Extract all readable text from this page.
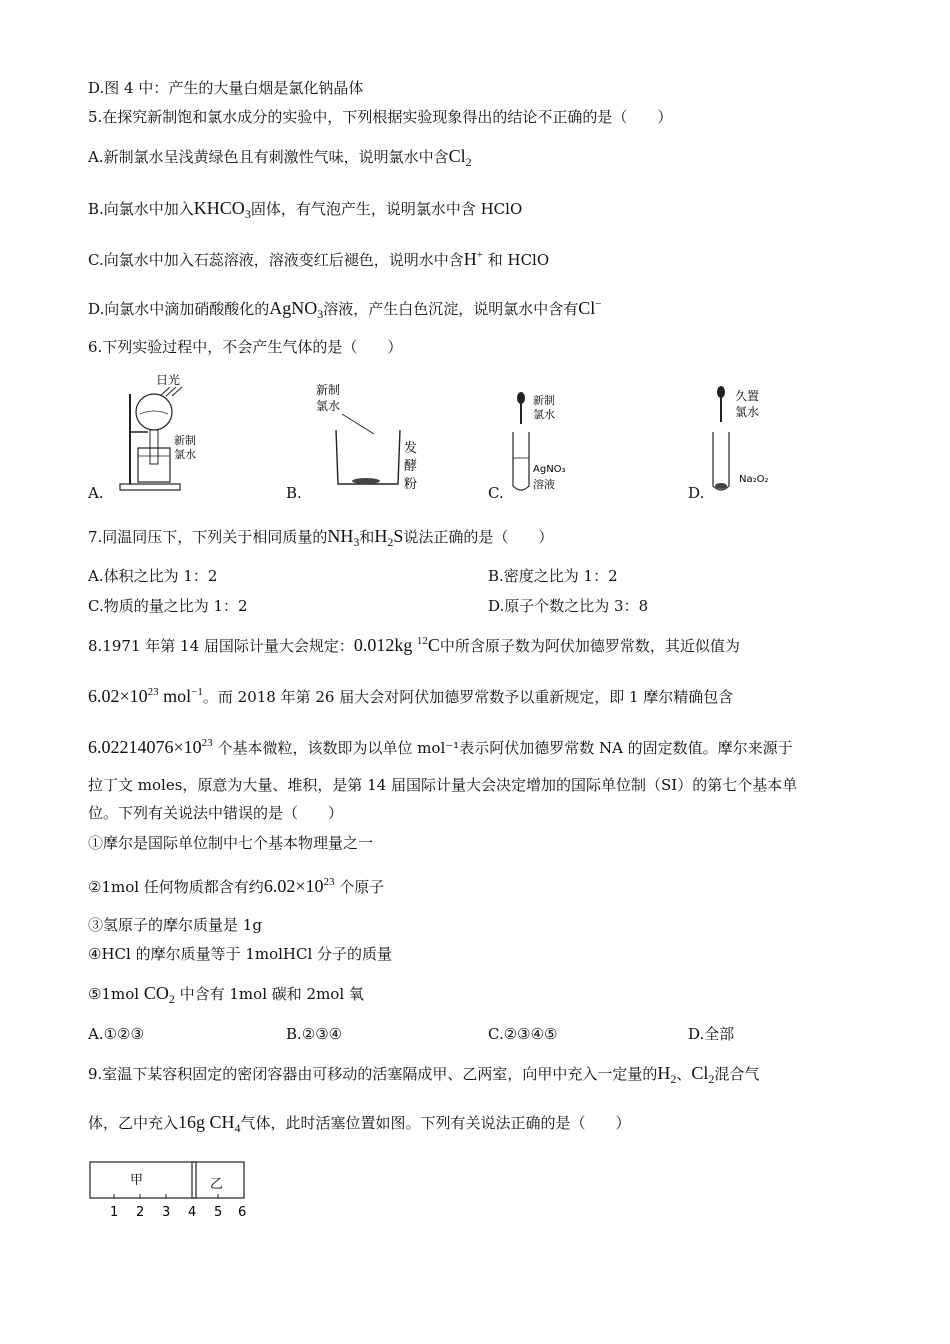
D.图 4 中：产生的大量白烟是氯化钠晶体
5.在探究新制饱和氯水成分的实验中，下列根据实验现象得出的结论不正确的是（　　）
A.新制氯水呈浅黄绿色且有刺激性气味，说明氯水中含$Cl_2$
B.向氯水中加入$KHCO_3$固体，有气泡产生，说明氯水中含 HClO
C.向氯水中加入石蕊溶液，溶液变红后褪色，说明水中含H+ 和 HClO
D.向氯水中滴加硝酸酸化的AgNO$_3$溶液，产生白色沉淀，说明氯水中含有Cl−
6.下列实验过程中，不会产生气体的是（　　）
日光
新制
氯水
A.
新制
氯水
发
酵
粉
B.
新制
氯水
AgNO₃
溶液
C.
久置
氯水
Na₂O₂
D.
7.同温同压下，下列关于相同质量的$NH_3$和$H_2S$说法正确的是（　　）
A.体积之比为 1：2	B.密度之比为 1：2
C.物质的量之比为 1：2	D.原子个数之比为 3：8
8.1971 年第 14 届国际计量大会规定：0.012kg $^{12}$C中所含原子数为阿伏加德罗常数，其近似值为
$6.02\times 10^{23}$ mol$^{-1}$。而 2018 年第 26 届大会对阿伏加德罗常数予以重新规定，即 1 摩尔精确包含
$6.02214076\times 10^{23}$ 个基本微粒，该数即为以单位 mol⁻¹表示阿伏加德罗常数 NA 的固定数值。摩尔来源于
拉丁文 moles，原意为大量、堆积，是第 14 届国际计量大会决定增加的国际单位制（SI）的第七个基本单
位。下列有关说法中错误的是（　　）
①摩尔是国际单位制中七个基本物理量之一
②1mol 任何物质都含有约$6.02\times 10^{23}$ 个原子
③氢原子的摩尔质量是 1g
④HCl 的摩尔质量等于 1molHCl 分子的质量
⑤1mol $CO_2$ 中含有 1mol 碳和 2mol 氧
A.①②③	B.②③④	C.②③④⑤	D.全部
9.室温下某容积固定的密闭容器由可移动的活塞隔成甲、乙两室，向甲中充入一定量的$H_2$、$Cl_2$混合气
体，乙中充入16g $CH_4$气体，此时活塞位置如图。下列有关说法正确的是（　　）
甲	乙
1 2 3 4 5 6
